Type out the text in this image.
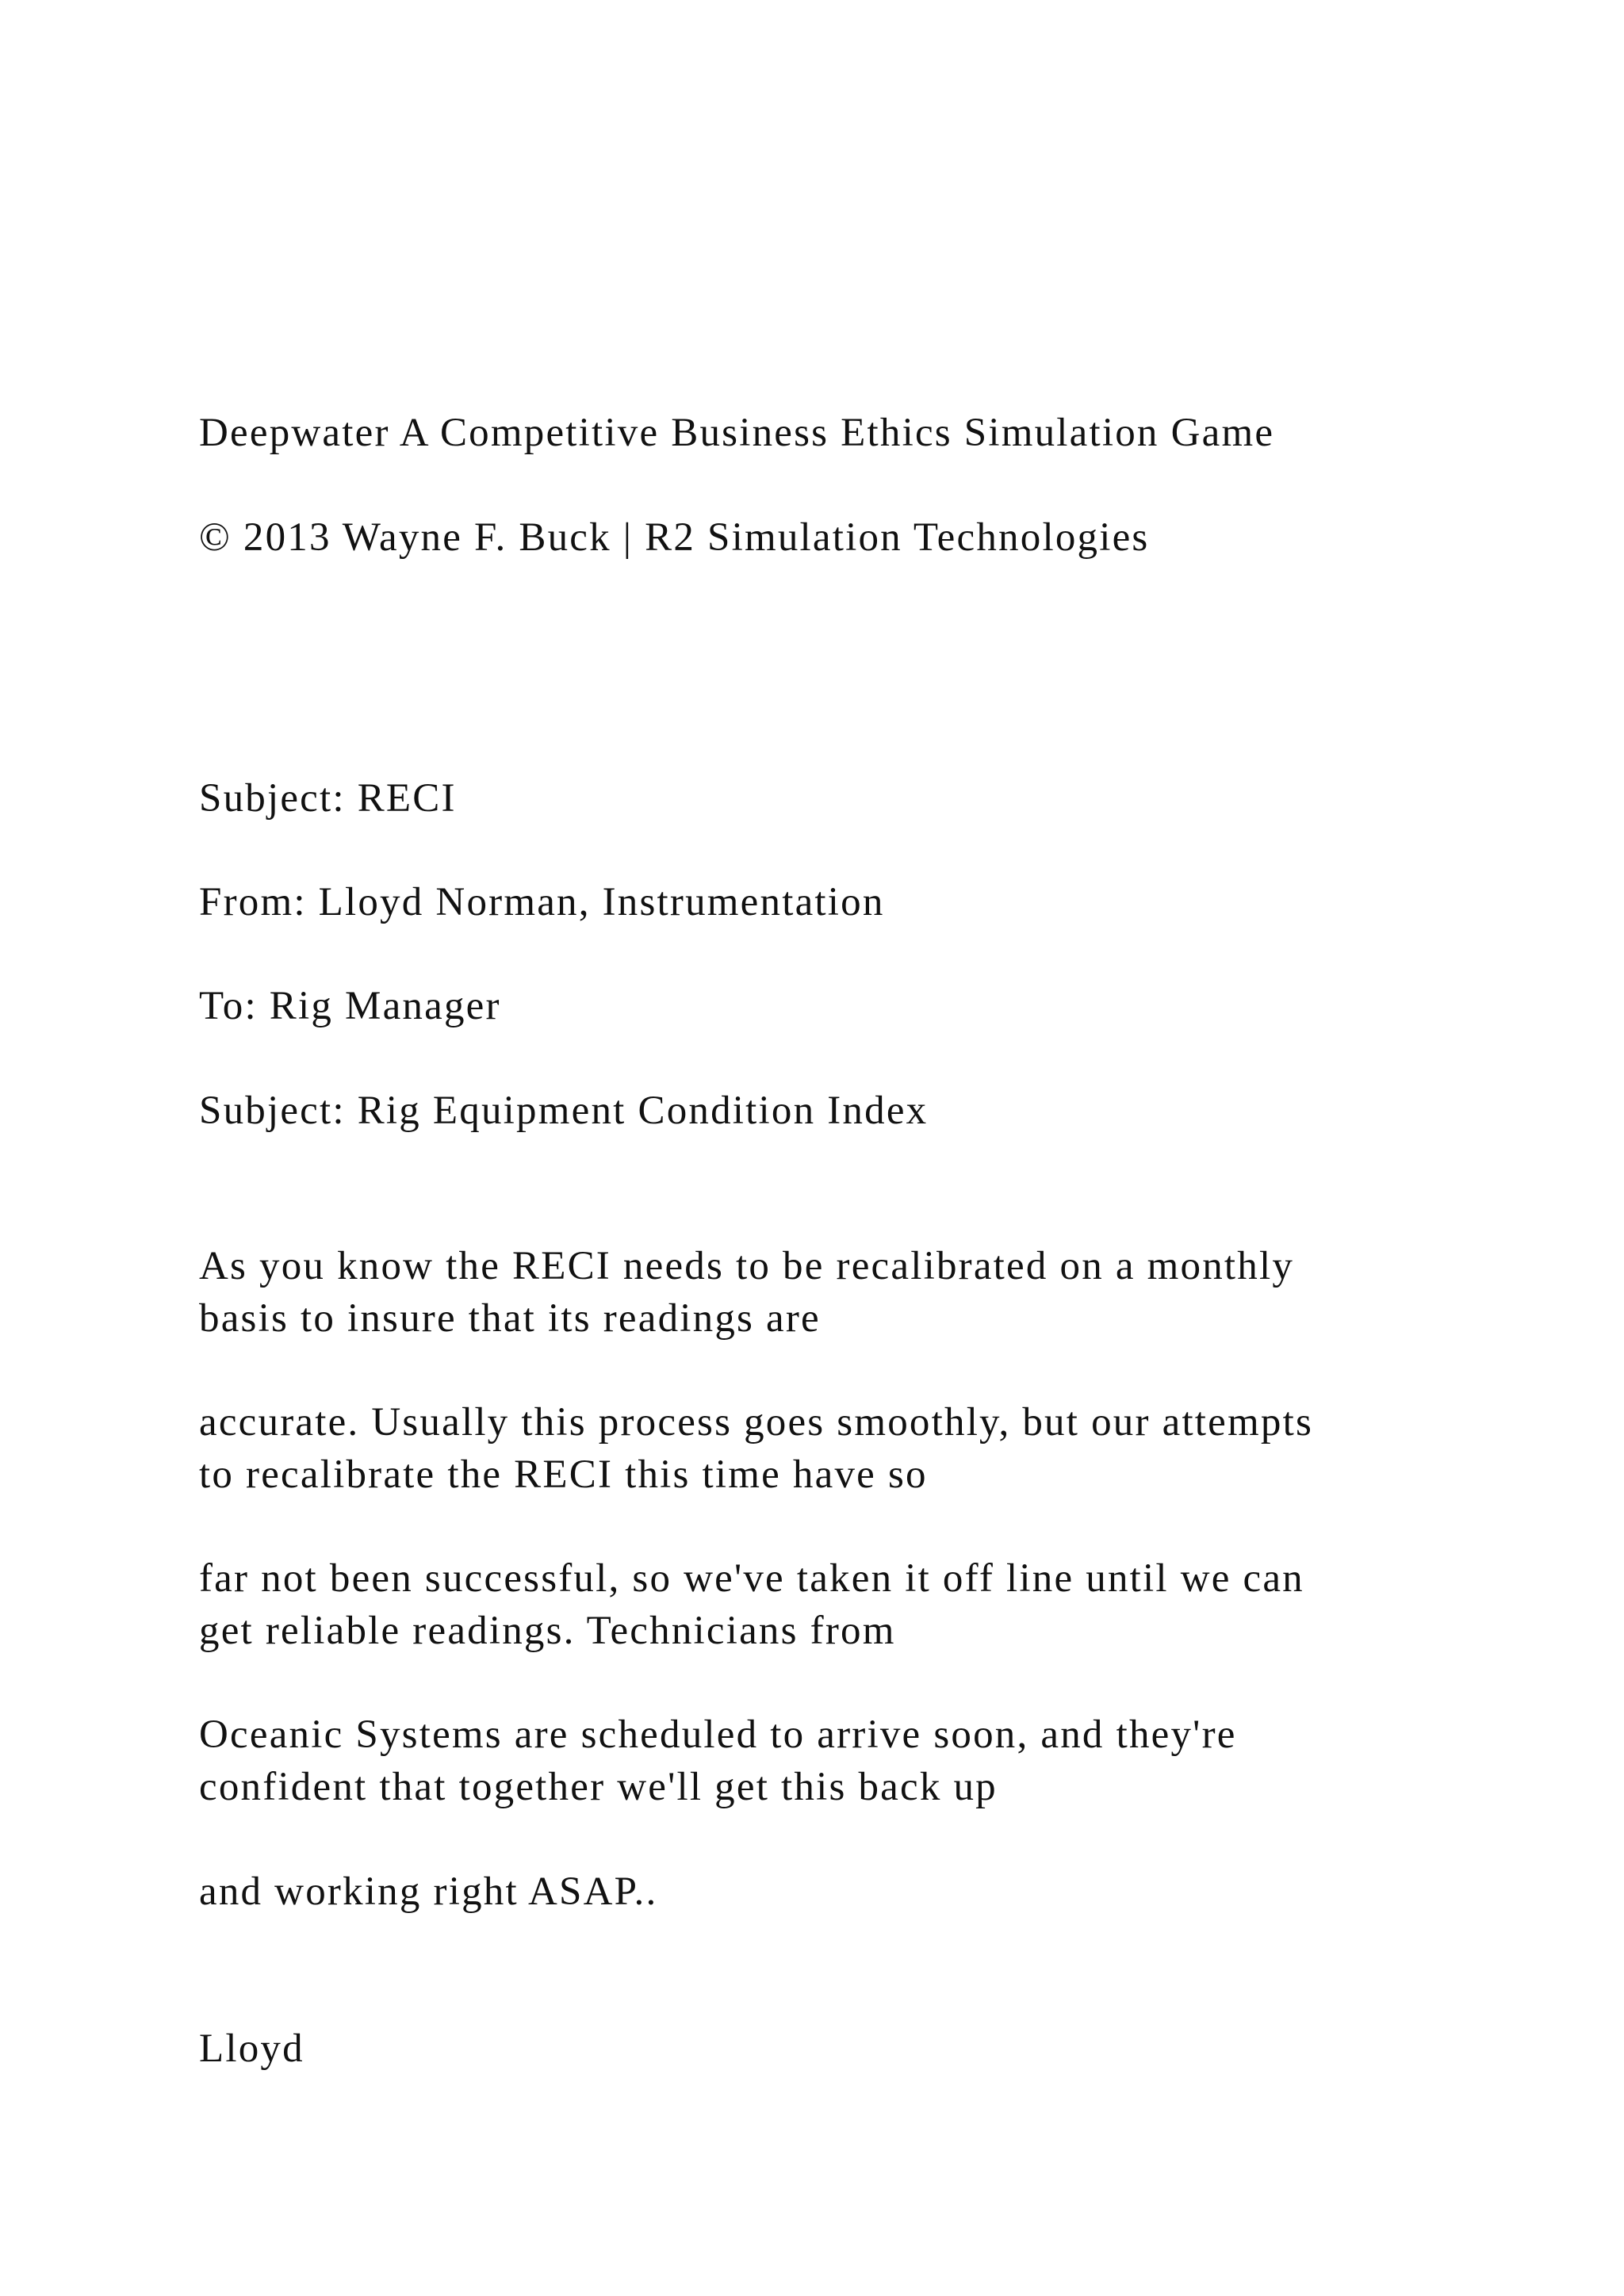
Deepwater A Competitive Business Ethics Simulation Game
© 2013 Wayne F. Buck | R2 Simulation Technologies
Subject: RECI
From: Lloyd Norman, Instrumentation
To: Rig Manager
Subject: Rig Equipment Condition Index
As you know the RECI needs to be recalibrated on a monthly
basis to insure that its readings are
accurate. Usually this process goes smoothly, but our attempts
to recalibrate the RECI this time have so
far not been successful, so we've taken it off line until we can
get reliable readings. Technicians from
Oceanic Systems are scheduled to arrive soon, and they're
confident that together we'll get this back up
and working right ASAP..
Lloyd
